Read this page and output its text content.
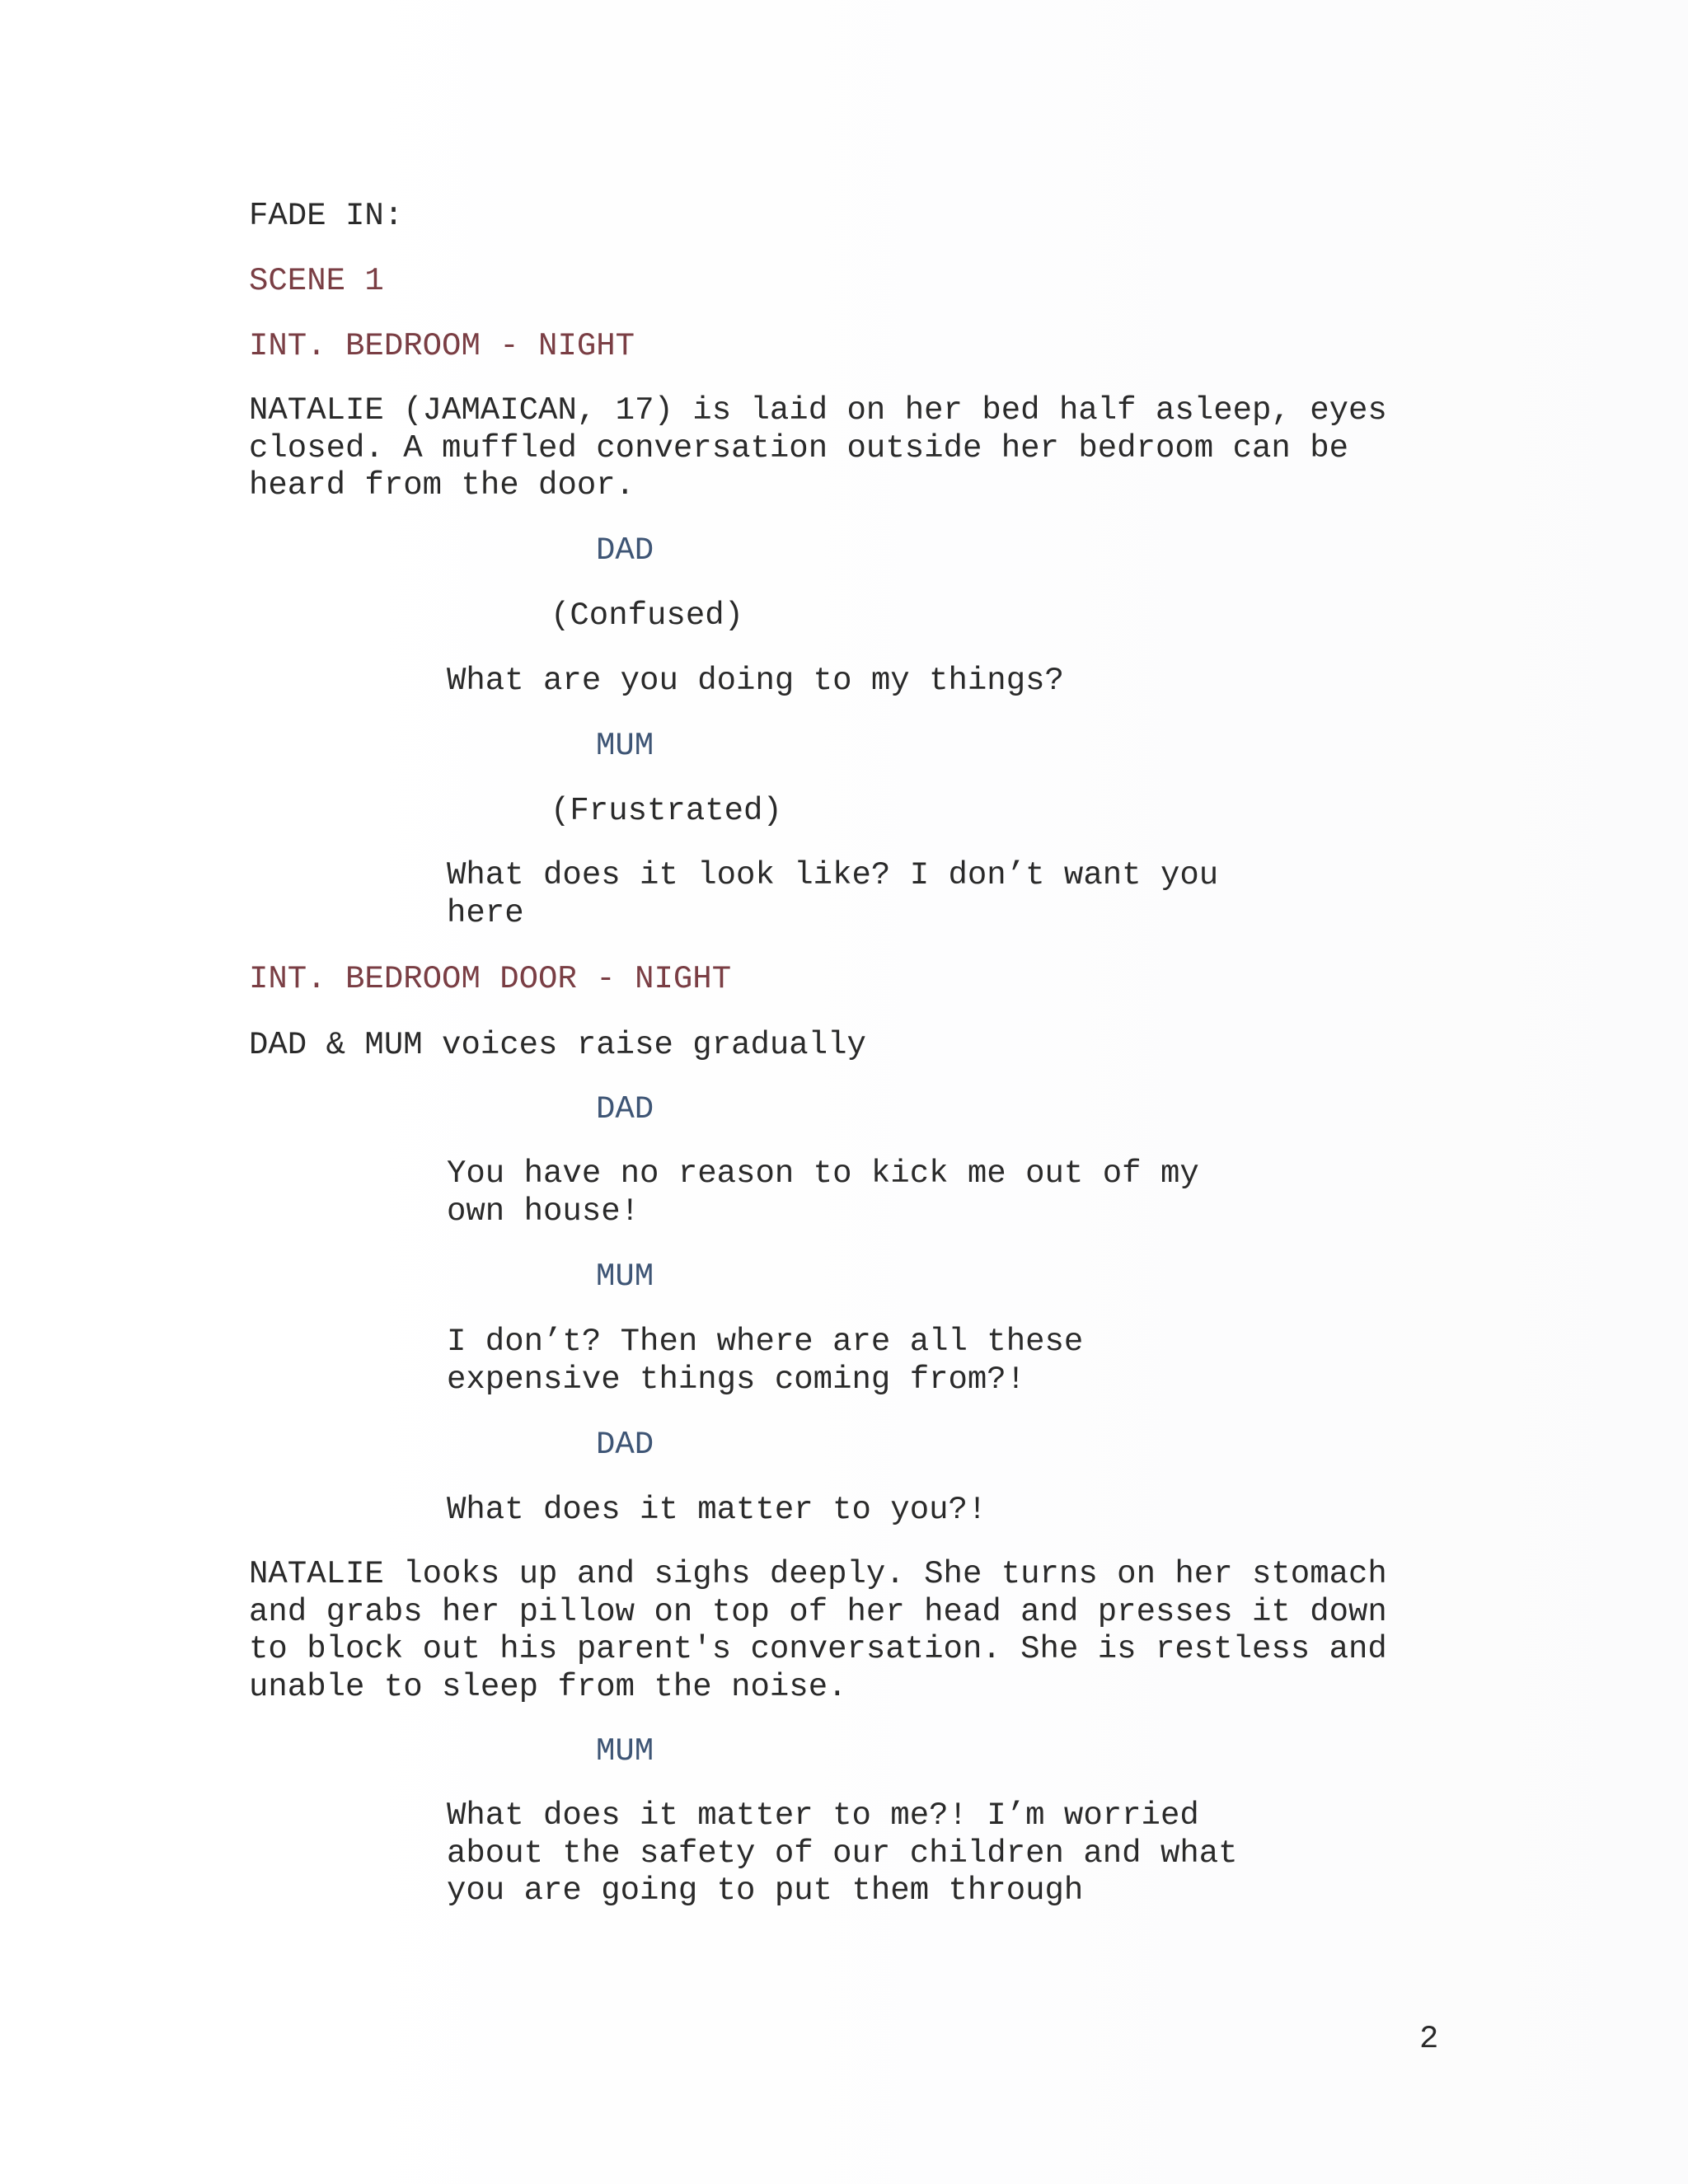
FADE IN:
SCENE 1
INT. BEDROOM - NIGHT
NATALIE (JAMAICAN, 17) is laid on her bed half asleep, eyes
closed. A muffled conversation outside her bedroom can be
heard from the door.
DAD
(Confused)
What are you doing to my things?
MUM
(Frustrated)
What does it look like? I don’t want you
here
INT. BEDROOM DOOR - NIGHT
DAD & MUM voices raise gradually
DAD
You have no reason to kick me out of my
own house!
MUM
I don’t? Then where are all these
expensive things coming from?!
DAD
What does it matter to you?!
NATALIE looks up and sighs deeply. She turns on her stomach
and grabs her pillow on top of her head and presses it down
to block out his parent's conversation. She is restless and
unable to sleep from the noise.
MUM
What does it matter to me?! I’m worried
about the safety of our children and what
you are going to put them through
2
